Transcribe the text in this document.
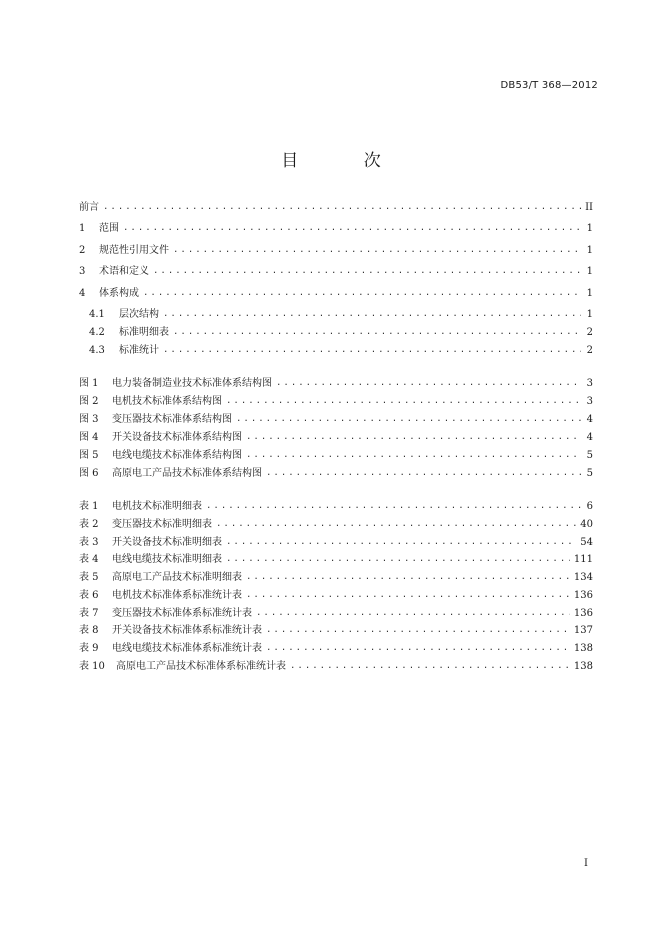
DB53/T 368—2012
目 次
前言 .....	II
1 范围 .....	1
2 规范性引用文件 .....	1
3 术语和定义 .....	1
4 体系构成 .....	1
4.1 层次结构 .....	1
4.2 标准明细表 .....	2
4.3 标准统计 .....	2
图 1 电力装备制造业技术标准体系结构图 .....	3
图 2 电机技术标准体系结构图 .....	3
图 3 变压器技术标准体系结构图 .....	4
图 4 开关设备技术标准体系结构图 .....	4
图 5 电线电缆技术标准体系结构图 .....	5
图 6 高原电工产品技术标准体系结构图 .....	5
表 1 电机技术标准明细表 .....	6
表 2 变压器技术标准明细表 .....	40
表 3 开关设备技术标准明细表 .....	54
表 4 电线电缆技术标准明细表 .....	111
表 5 高原电工产品技术标准明细表 .....	134
表 6 电机技术标准体系标准统计表 .....	136
表 7 变压器技术标准体系标准统计表 .....	136
表 8 开关设备技术标准体系标准统计表 .....	137
表 9 电线电缆技术标准体系标准统计表 .....	138
表 10 高原电工产品技术标准体系标准统计表 .....	138
I
